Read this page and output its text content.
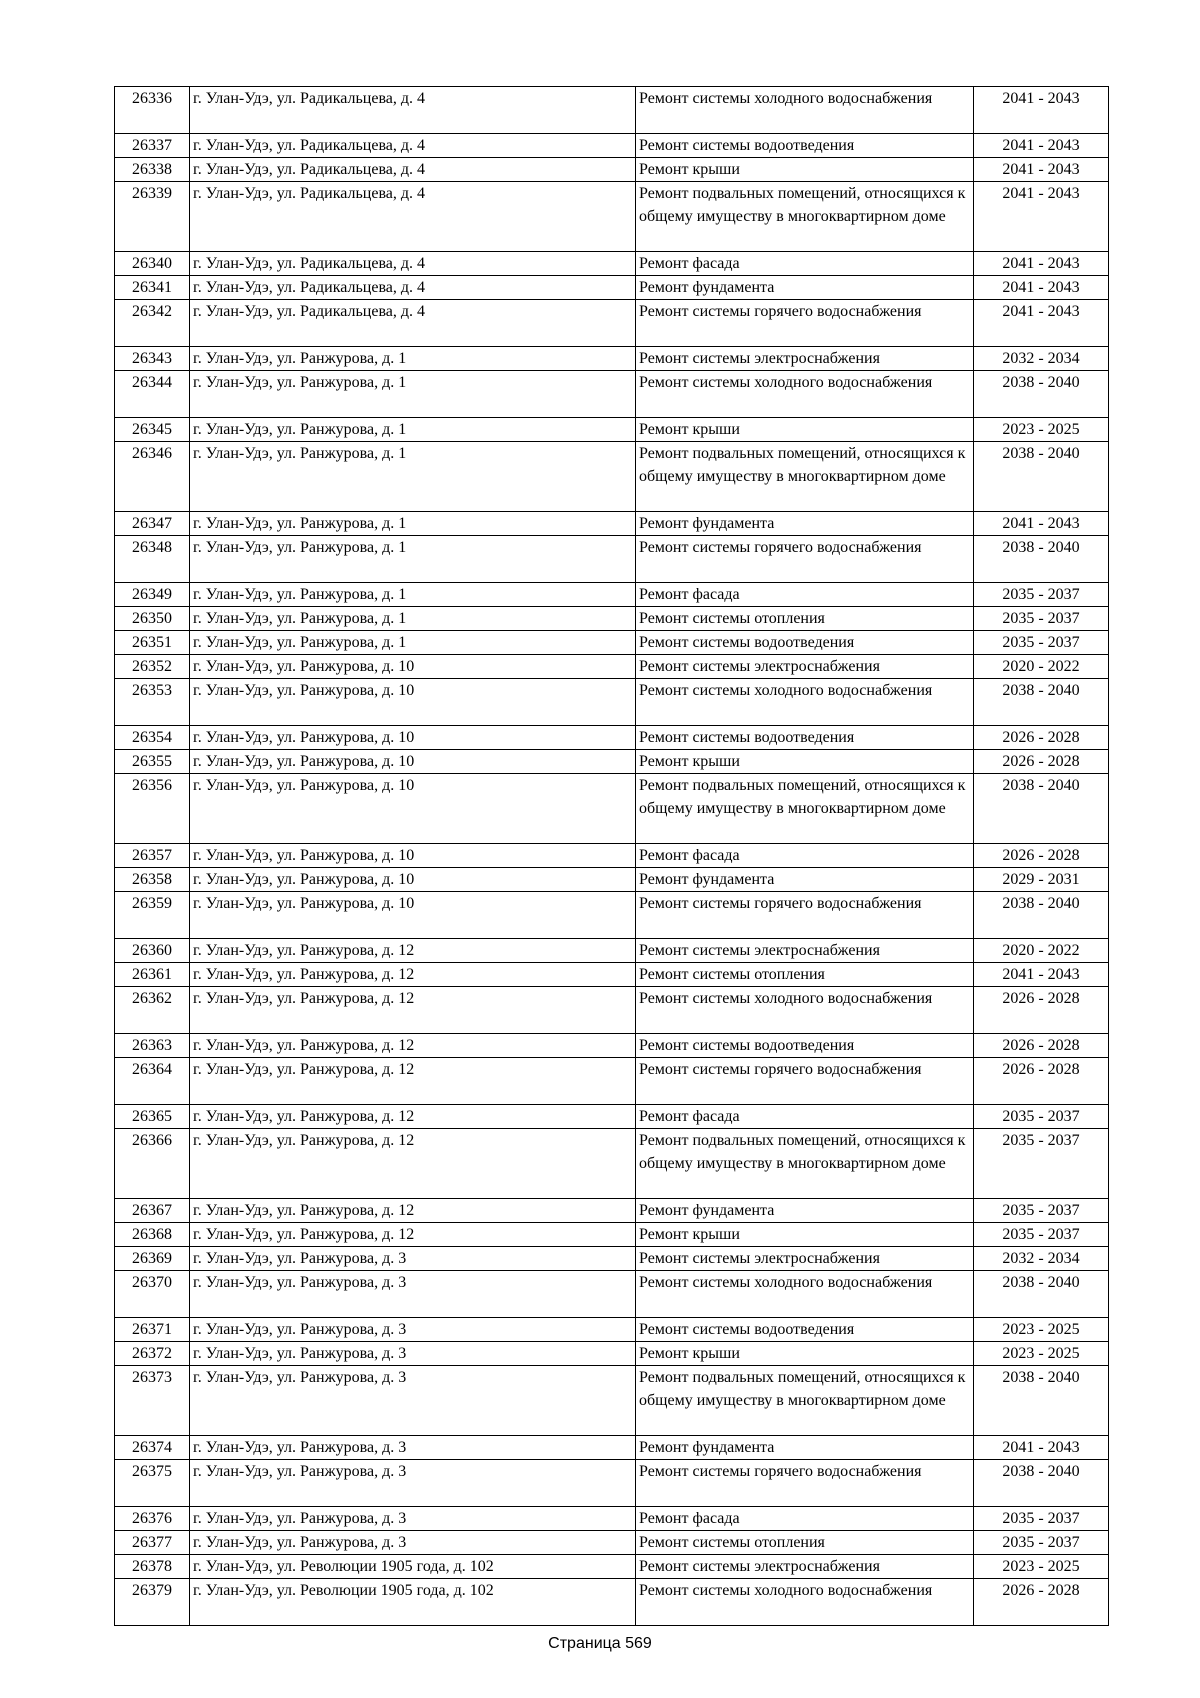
26336	г. Улан-Удэ, ул. Радикальцева, д. 4	Ремонт системы холодного водоснабжения	2041 - 2043
26337	г. Улан-Удэ, ул. Радикальцева, д. 4	Ремонт системы водоотведения	2041 - 2043
26338	г. Улан-Удэ, ул. Радикальцева, д. 4	Ремонт крыши	2041 - 2043
26339	г. Улан-Удэ, ул. Радикальцева, д. 4	Ремонт подвальных помещений, относящихся к общему имуществу в многоквартирном доме	2041 - 2043
26340	г. Улан-Удэ, ул. Радикальцева, д. 4	Ремонт фасада	2041 - 2043
26341	г. Улан-Удэ, ул. Радикальцева, д. 4	Ремонт фундамента	2041 - 2043
26342	г. Улан-Удэ, ул. Радикальцева, д. 4	Ремонт системы горячего водоснабжения	2041 - 2043
26343	г. Улан-Удэ, ул. Ранжурова, д. 1	Ремонт системы электроснабжения	2032 - 2034
26344	г. Улан-Удэ, ул. Ранжурова, д. 1	Ремонт системы холодного водоснабжения	2038 - 2040
26345	г. Улан-Удэ, ул. Ранжурова, д. 1	Ремонт крыши	2023 - 2025
26346	г. Улан-Удэ, ул. Ранжурова, д. 1	Ремонт подвальных помещений, относящихся к общему имуществу в многоквартирном доме	2038 - 2040
26347	г. Улан-Удэ, ул. Ранжурова, д. 1	Ремонт фундамента	2041 - 2043
26348	г. Улан-Удэ, ул. Ранжурова, д. 1	Ремонт системы горячего водоснабжения	2038 - 2040
26349	г. Улан-Удэ, ул. Ранжурова, д. 1	Ремонт фасада	2035 - 2037
26350	г. Улан-Удэ, ул. Ранжурова, д. 1	Ремонт системы отопления	2035 - 2037
26351	г. Улан-Удэ, ул. Ранжурова, д. 1	Ремонт системы водоотведения	2035 - 2037
26352	г. Улан-Удэ, ул. Ранжурова, д. 10	Ремонт системы электроснабжения	2020 - 2022
26353	г. Улан-Удэ, ул. Ранжурова, д. 10	Ремонт системы холодного водоснабжения	2038 - 2040
26354	г. Улан-Удэ, ул. Ранжурова, д. 10	Ремонт системы водоотведения	2026 - 2028
26355	г. Улан-Удэ, ул. Ранжурова, д. 10	Ремонт крыши	2026 - 2028
26356	г. Улан-Удэ, ул. Ранжурова, д. 10	Ремонт подвальных помещений, относящихся к общему имуществу в многоквартирном доме	2038 - 2040
26357	г. Улан-Удэ, ул. Ранжурова, д. 10	Ремонт фасада	2026 - 2028
26358	г. Улан-Удэ, ул. Ранжурова, д. 10	Ремонт фундамента	2029 - 2031
26359	г. Улан-Удэ, ул. Ранжурова, д. 10	Ремонт системы горячего водоснабжения	2038 - 2040
26360	г. Улан-Удэ, ул. Ранжурова, д. 12	Ремонт системы электроснабжения	2020 - 2022
26361	г. Улан-Удэ, ул. Ранжурова, д. 12	Ремонт системы отопления	2041 - 2043
26362	г. Улан-Удэ, ул. Ранжурова, д. 12	Ремонт системы холодного водоснабжения	2026 - 2028
26363	г. Улан-Удэ, ул. Ранжурова, д. 12	Ремонт системы водоотведения	2026 - 2028
26364	г. Улан-Удэ, ул. Ранжурова, д. 12	Ремонт системы горячего водоснабжения	2026 - 2028
26365	г. Улан-Удэ, ул. Ранжурова, д. 12	Ремонт фасада	2035 - 2037
26366	г. Улан-Удэ, ул. Ранжурова, д. 12	Ремонт подвальных помещений, относящихся к общему имуществу в многоквартирном доме	2035 - 2037
26367	г. Улан-Удэ, ул. Ранжурова, д. 12	Ремонт фундамента	2035 - 2037
26368	г. Улан-Удэ, ул. Ранжурова, д. 12	Ремонт крыши	2035 - 2037
26369	г. Улан-Удэ, ул. Ранжурова, д. 3	Ремонт системы электроснабжения	2032 - 2034
26370	г. Улан-Удэ, ул. Ранжурова, д. 3	Ремонт системы холодного водоснабжения	2038 - 2040
26371	г. Улан-Удэ, ул. Ранжурова, д. 3	Ремонт системы водоотведения	2023 - 2025
26372	г. Улан-Удэ, ул. Ранжурова, д. 3	Ремонт крыши	2023 - 2025
26373	г. Улан-Удэ, ул. Ранжурова, д. 3	Ремонт подвальных помещений, относящихся к общему имуществу в многоквартирном доме	2038 - 2040
26374	г. Улан-Удэ, ул. Ранжурова, д. 3	Ремонт фундамента	2041 - 2043
26375	г. Улан-Удэ, ул. Ранжурова, д. 3	Ремонт системы горячего водоснабжения	2038 - 2040
26376	г. Улан-Удэ, ул. Ранжурова, д. 3	Ремонт фасада	2035 - 2037
26377	г. Улан-Удэ, ул. Ранжурова, д. 3	Ремонт системы отопления	2035 - 2037
26378	г. Улан-Удэ, ул. Революции 1905 года, д. 102	Ремонт системы электроснабжения	2023 - 2025
26379	г. Улан-Удэ, ул. Революции 1905 года, д. 102	Ремонт системы холодного водоснабжения	2026 - 2028
Страница 569
